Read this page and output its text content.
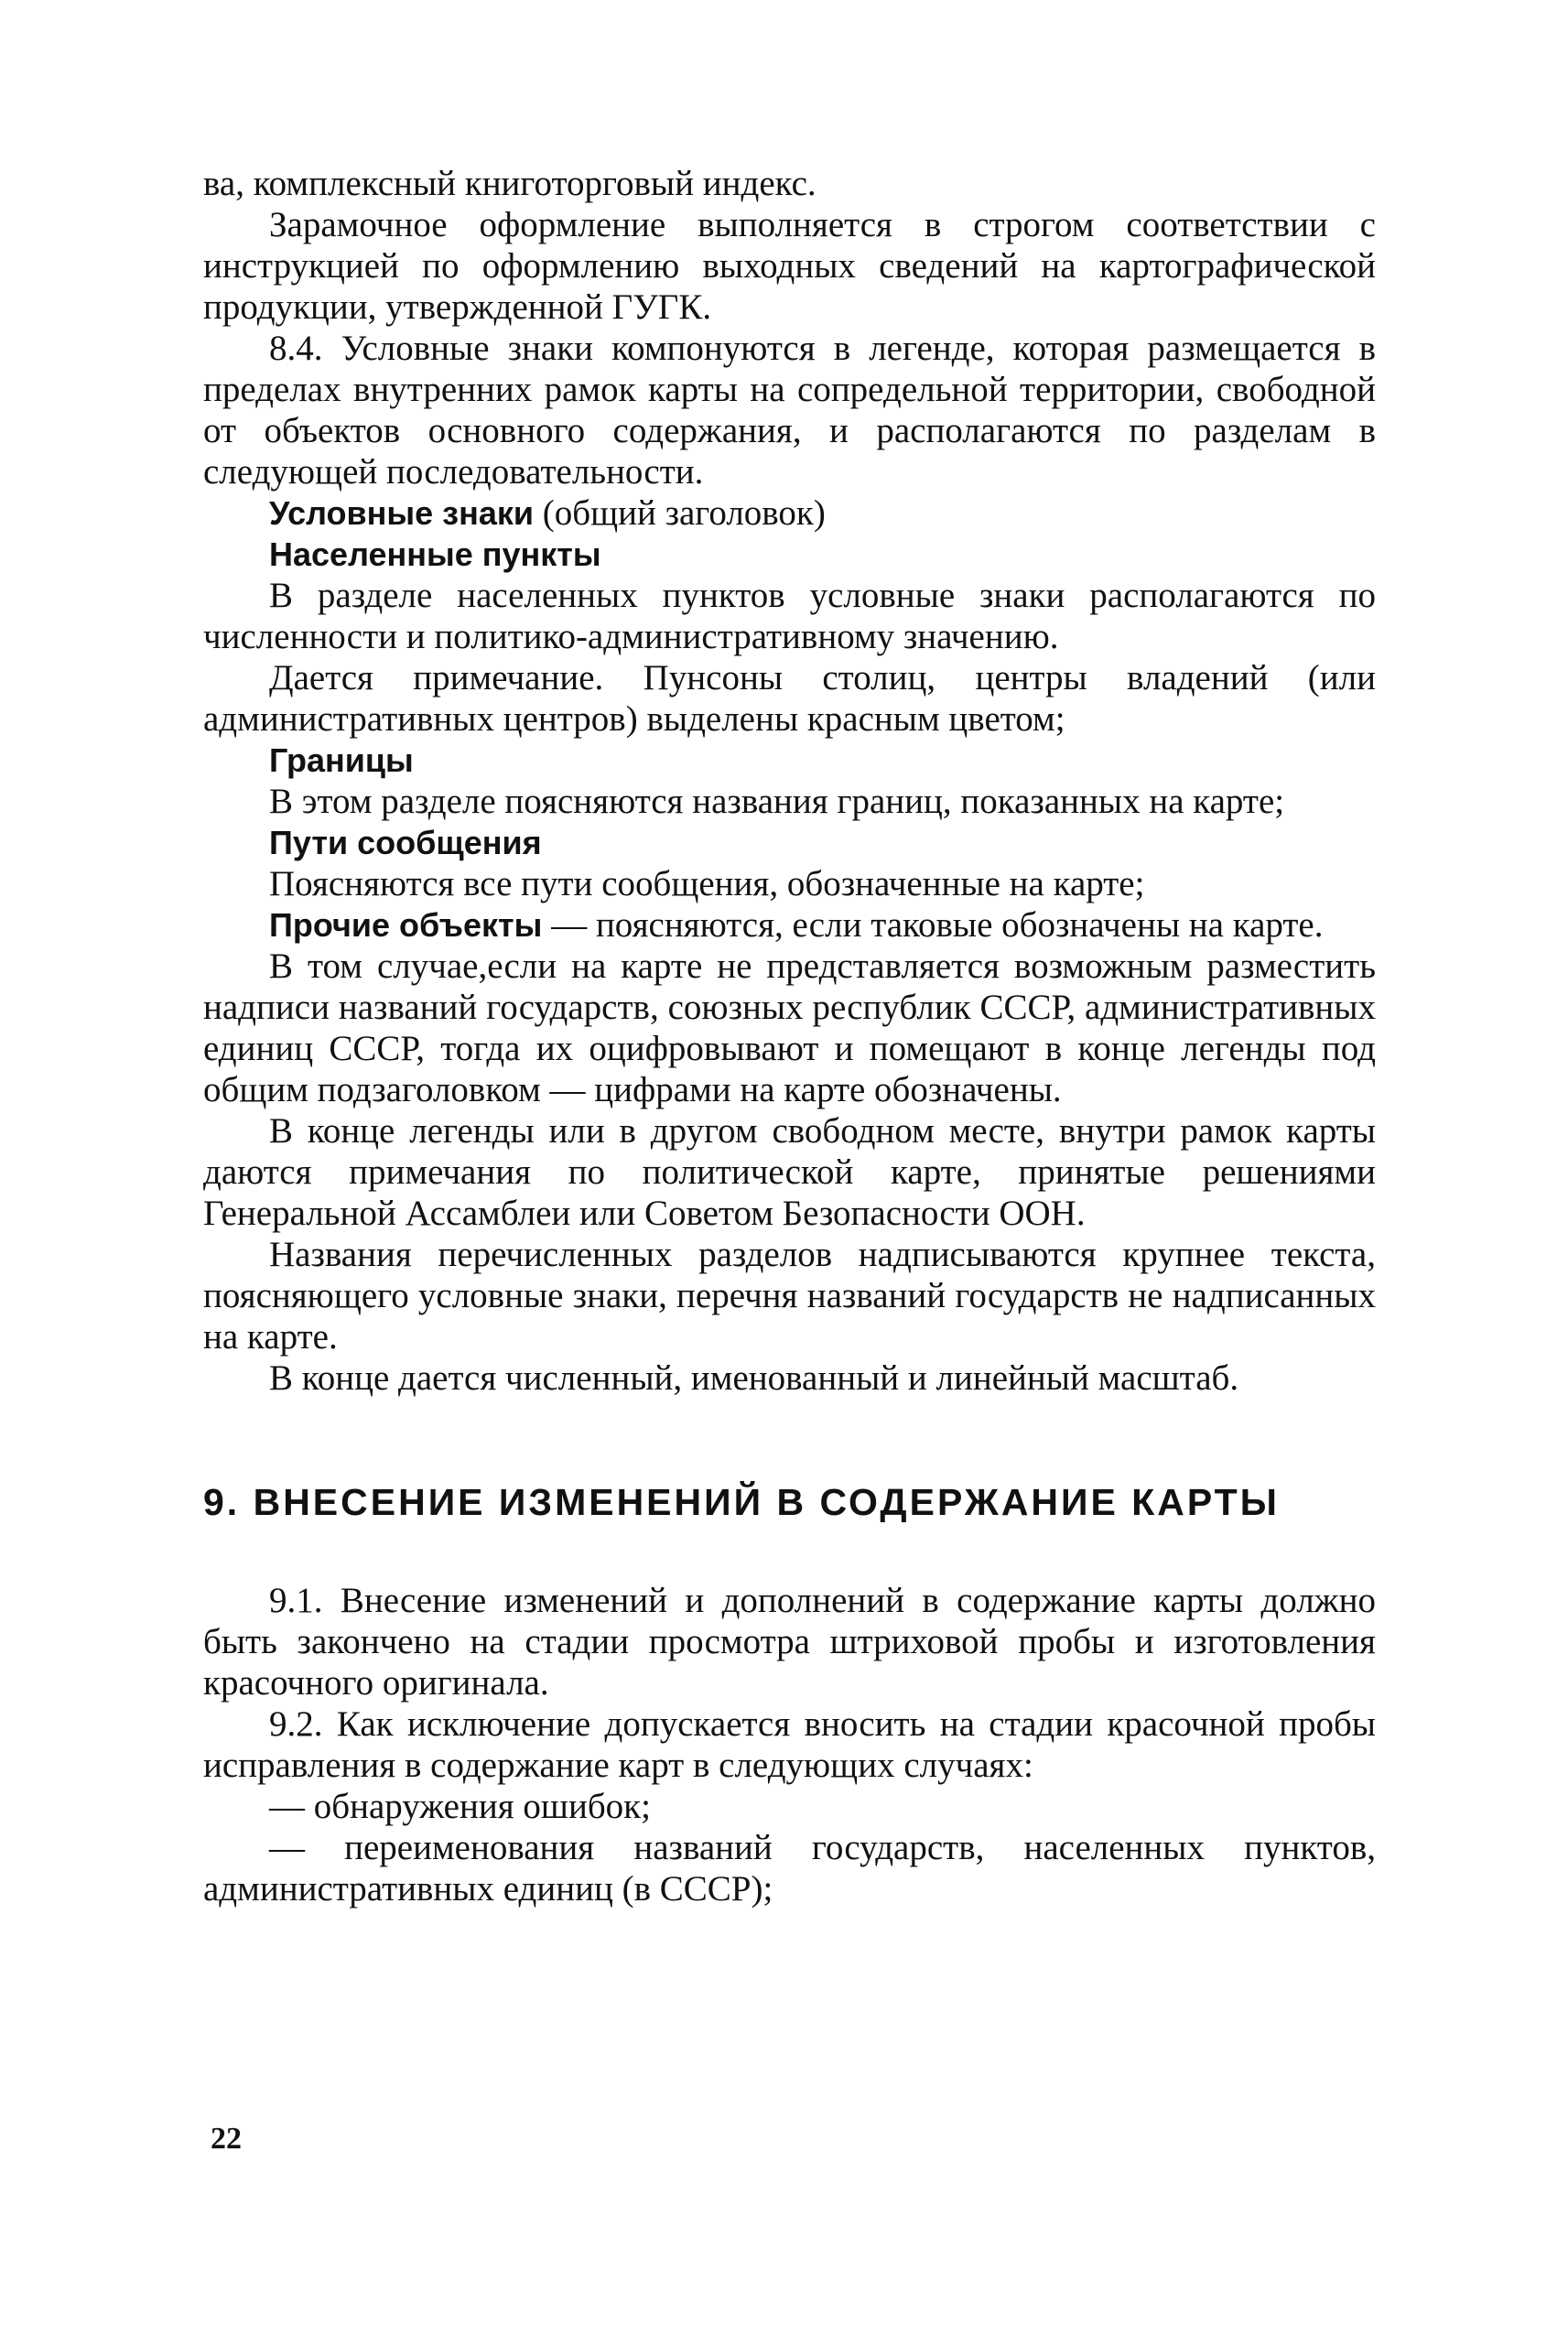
ва, комплексный книготорговый индекс.

Зарамочное оформление выполняется в строгом соответствии с инструкцией по оформлению выходных сведений на картографической продукции, утвержденной ГУГК.

8.4. Условные знаки компонуются в легенде, которая размещается в пределах внутренних рамок карты на сопредельной территории, свободной от объектов основного содержания, и располагаются по разделам в следующей последовательности.

Условные знаки (общий заголовок)

Населенные пункты

В разделе населенных пунктов условные знаки располагаются по численности и политико-административному значению.

Дается примечание. Пунсоны столиц, центры владений (или административных центров) выделены красным цветом;

Границы

В этом разделе поясняются названия границ, показанных на карте;

Пути сообщения

Поясняются все пути сообщения, обозначенные на карте;

Прочие объекты — поясняются, если таковые обозначены на карте.

В том случае,если на карте не представляется возможным разместить надписи названий государств, союзных республик СССР, административных единиц СССР, тогда их оцифровывают и помещают в конце легенды под общим подзаголовком — цифрами на карте обозначены.

В конце легенды или в другом свободном месте, внутри рамок карты даются примечания по политической карте, принятые решениями Генеральной Ассамблеи или Советом Безопасности ООН.

Названия перечисленных разделов надписываются крупнее текста, поясняющего условные знаки, перечня названий государств не надписанных на карте.

В конце дается численный, именованный и линейный масштаб.

9. ВНЕСЕНИЕ ИЗМЕНЕНИЙ В СОДЕРЖАНИЕ КАРТЫ

9.1. Внесение изменений и дополнений в содержание карты должно быть закончено на стадии просмотра штриховой пробы и изготовления красочного оригинала.

9.2. Как исключение допускается вносить на стадии красочной пробы исправления в содержание карт в следующих случаях:

— обнаружения ошибок;

— переименования названий государств, населенных пунктов, административных единиц (в СССР);

22
